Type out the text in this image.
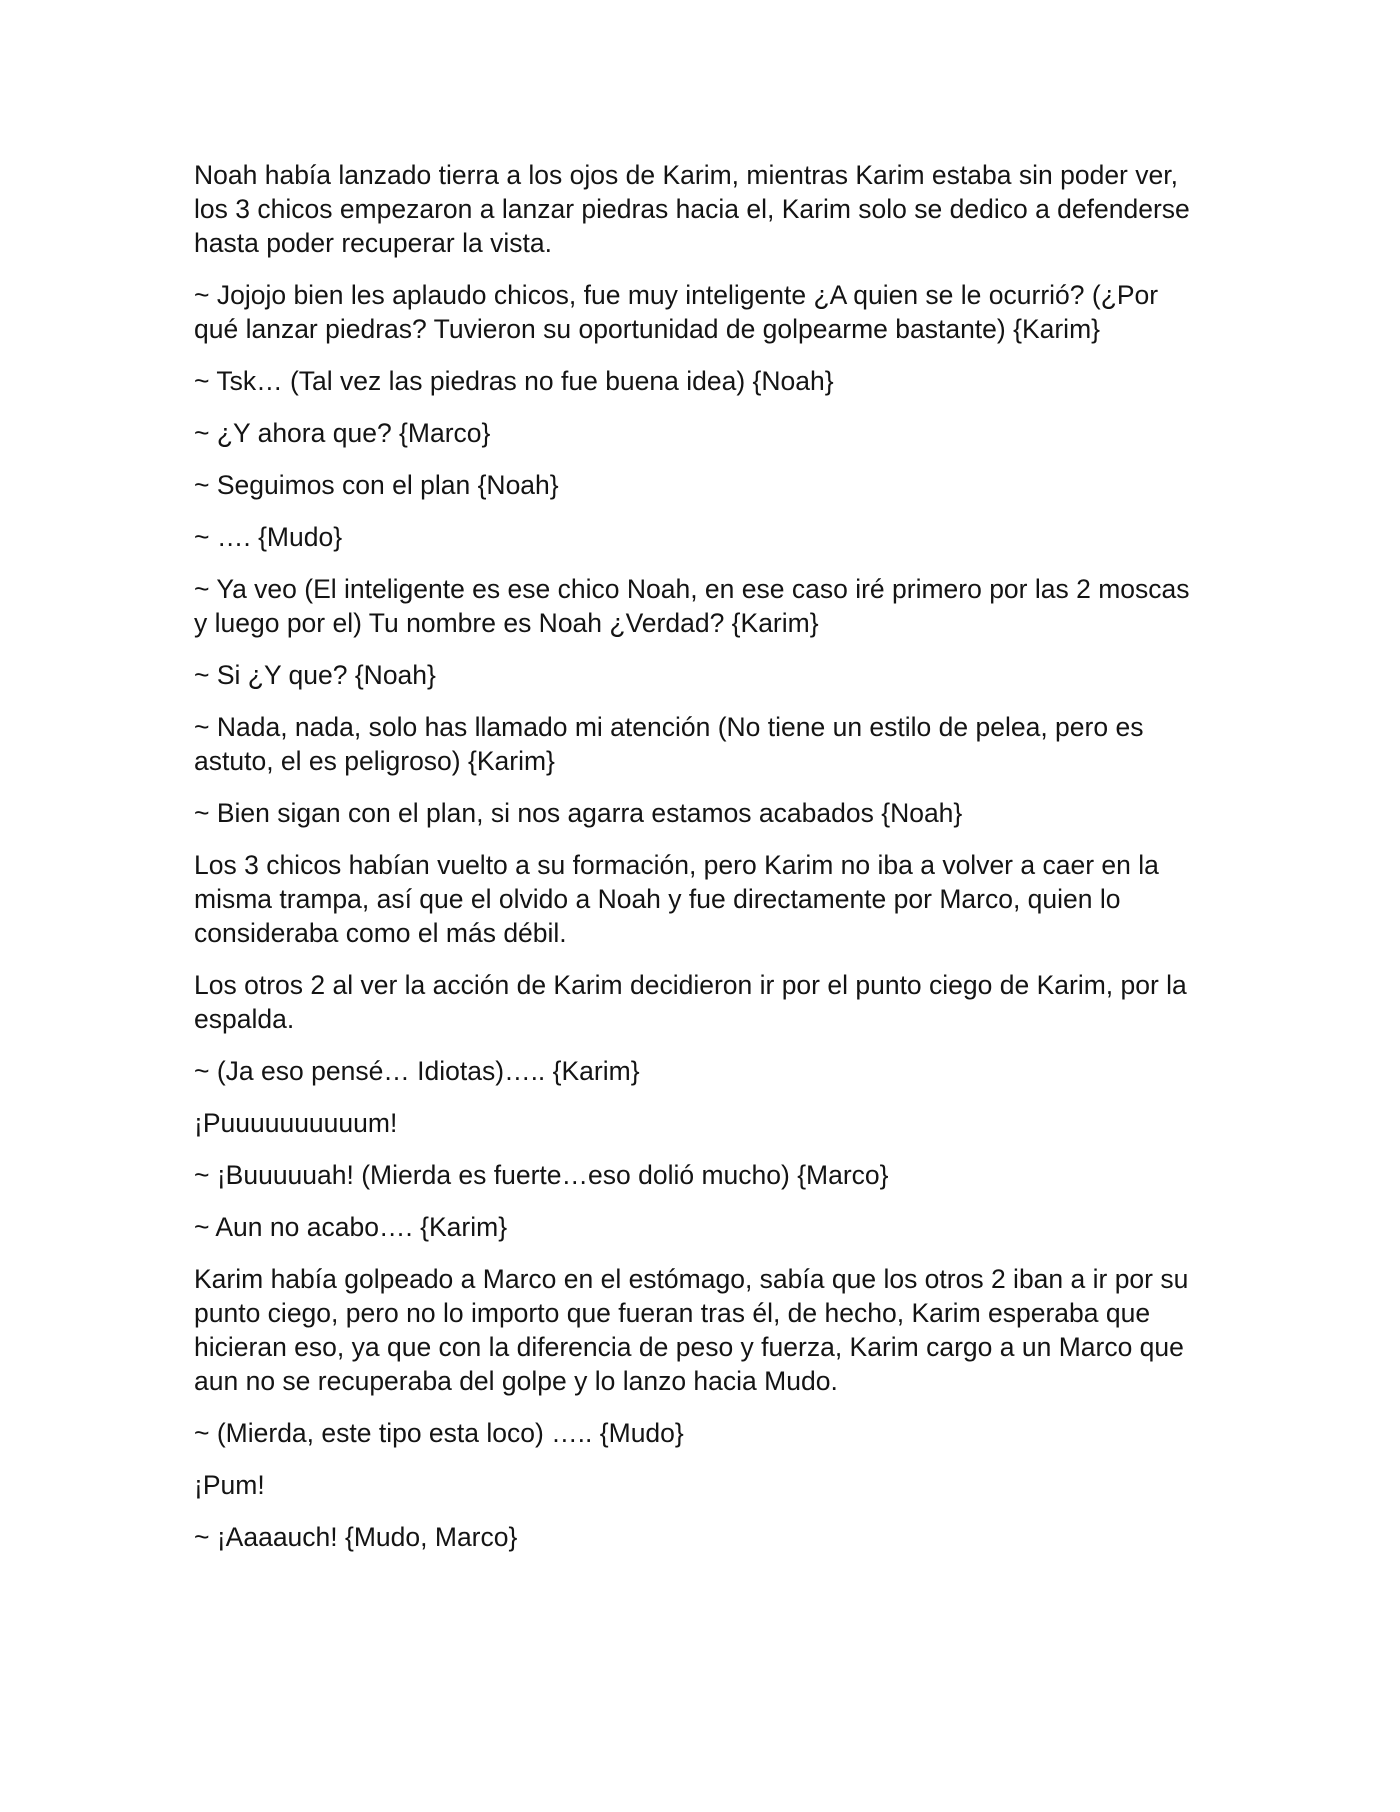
Noah había lanzado tierra a los ojos de Karim, mientras Karim estaba sin poder ver, los 3 chicos empezaron a lanzar piedras hacia el, Karim solo se dedico a defenderse hasta poder recuperar la vista.

~ Jojojo bien les aplaudo chicos, fue muy inteligente ¿A quien se le ocurrió? (¿Por qué lanzar piedras? Tuvieron su oportunidad de golpearme bastante) {Karim}

~ Tsk… (Tal vez las piedras no fue buena idea) {Noah}

~ ¿Y ahora que? {Marco}

~ Seguimos con el plan {Noah}

~ …. {Mudo}

~ Ya veo (El inteligente es ese chico Noah, en ese caso iré primero por las 2 moscas y luego por el) Tu nombre es Noah ¿Verdad? {Karim}

~ Si ¿Y que? {Noah}

~ Nada, nada, solo has llamado mi atención (No tiene un estilo de pelea, pero es astuto, el es peligroso) {Karim}

~ Bien sigan con el plan, si nos agarra estamos acabados {Noah}

Los 3 chicos habían vuelto a su formación, pero Karim no iba a volver a caer en la misma trampa, así que el olvido a Noah y fue directamente por Marco, quien lo consideraba como el más débil.

Los otros 2 al ver la acción de Karim decidieron ir por el punto ciego de Karim, por la espalda.

~ (Ja eso pensé… Idiotas)….. {Karim}

¡Puuuuuuuuuum!

~ ¡Buuuuuah! (Mierda es fuerte…eso dolió mucho) {Marco}

~ Aun no acabo…. {Karim}

Karim había golpeado a Marco en el estómago, sabía que los otros 2 iban a ir por su punto ciego, pero no lo importo que fueran tras él, de hecho, Karim esperaba que hicieran eso, ya que con la diferencia de peso y fuerza, Karim cargo a un Marco que aun no se recuperaba del golpe y lo lanzo hacia Mudo.

~ (Mierda, este tipo esta loco) ….. {Mudo}

¡Pum!

~ ¡Aaaauch! {Mudo, Marco}
